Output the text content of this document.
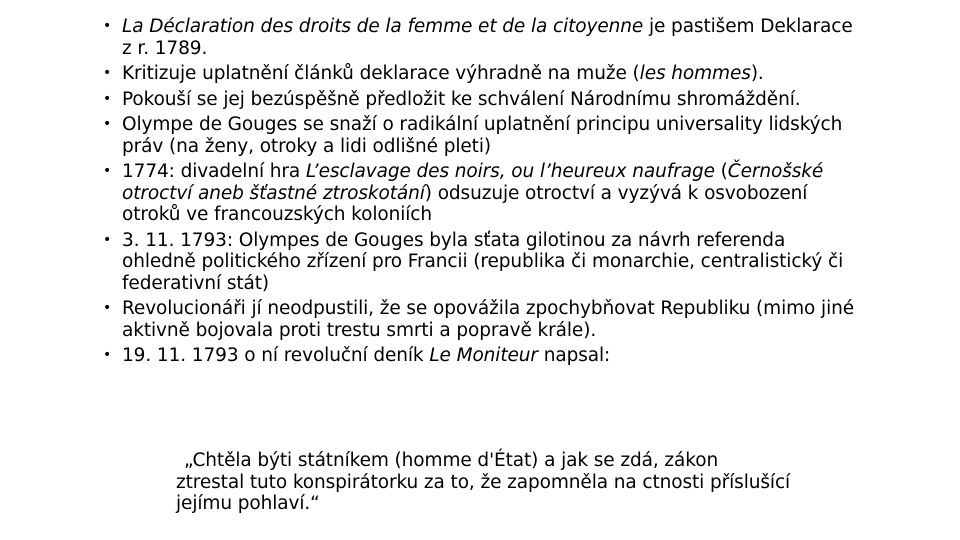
• La Déclaration des droits de la femme et de la citoyenne je pastišem Deklarace z r. 1789.
• Kritizuje uplatnění článků deklarace výhradně na muže (les hommes).
• Pokouší se jej bezúspěšně předložit ke schválení Národnímu shromáždění.
• Olympe de Gouges se snaží o radikální uplatnění principu universality lidských práv (na ženy, otroky a lidi odlišné pleti)
• 1774: divadelní hra L’esclavage des noirs, ou l’heureux naufrage (Černošské otroctví aneb šťastné ztroskotání) odsuzuje otroctví a vyzývá k osvobození otroků ve francouzských koloniích
• 3. 11. 1793: Olympes de Gouges byla sťata gilotinou za návrh referenda ohledně politického zřízení pro Francii (republika či monarchie, centralistický či federativní stát)
• Revolucionáři jí neodpustili, že se opovážila zpochybňovat Republiku (mimo jiné aktivně bojovala proti trestu smrti a popravě krále).
• 19. 11. 1793 o ní revoluční deník Le Moniteur napsal:

„Chtěla býti státníkem (homme d'État) a jak se zdá, zákon
ztrestal tuto konspirátorku za to, že zapomněla na ctnosti příslušící jejímu pohlaví.“
